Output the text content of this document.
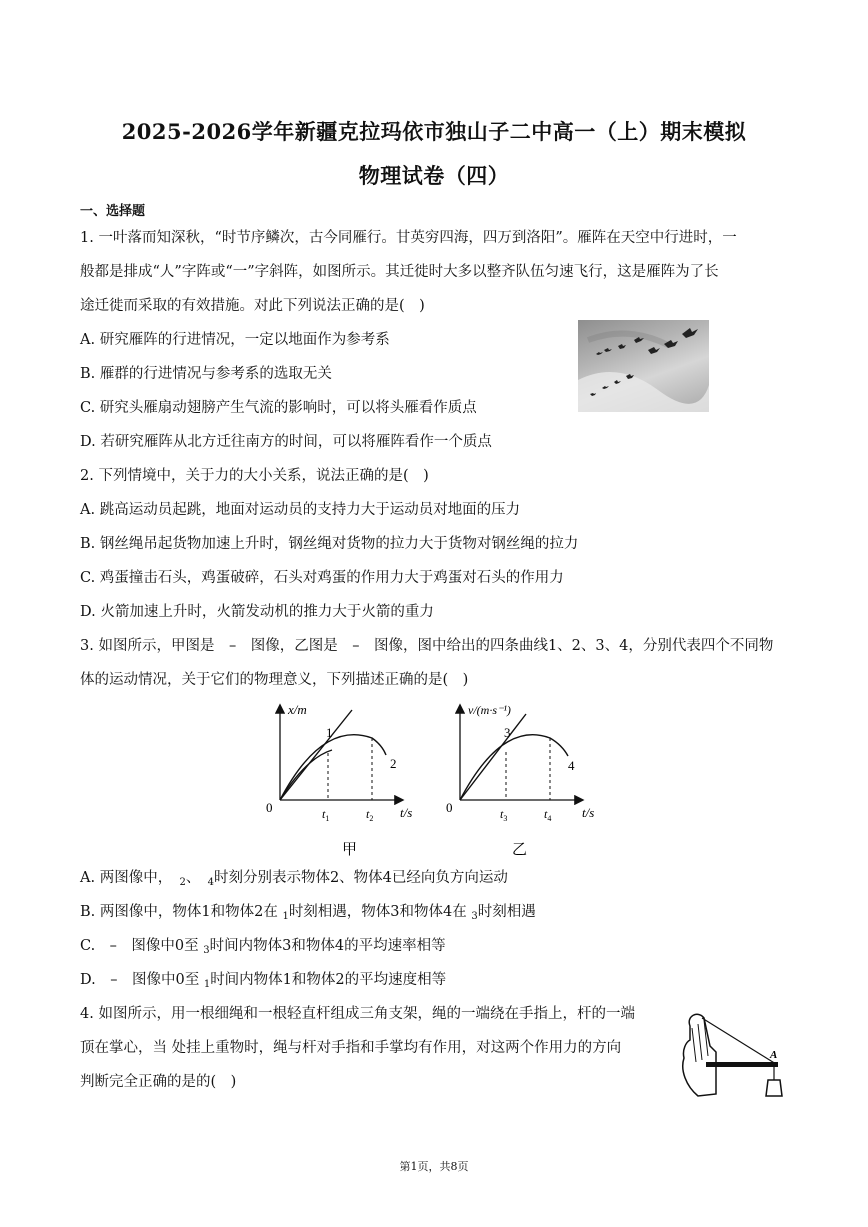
2025-2026学年新疆克拉玛依市独山子二中高一（上）期末模拟
物理试卷（四）
一、选择题
1. 一叶落而知深秋，“时节序鳞次，古今同雁行。甘英穷四海，四万到洛阳”。雁阵在天空中行进时，一
般都是排成“人”字阵或“一”字斜阵，如图所示。其迁徙时大多以整齐队伍匀速飞行，这是雁阵为了长
途迁徙而采取的有效措施。对此下列说法正确的是(　)
A. 研究雁阵的行进情况，一定以地面作为参考系
B. 雁群的行进情况与参考系的选取无关
C. 研究头雁扇动翅膀产生气流的影响时，可以将头雁看作质点
D. 若研究雁阵从北方迁往南方的时间，可以将雁阵看作一个质点
2. 下列情境中，关于力的大小关系，说法正确的是(　)
A. 跳高运动员起跳，地面对运动员的支持力大于运动员对地面的压力
B. 钢丝绳吊起货物加速上升时，钢丝绳对货物的拉力大于货物对钢丝绳的拉力
C. 鸡蛋撞击石头，鸡蛋破碎，石头对鸡蛋的作用力大于鸡蛋对石头的作用力
D. 火箭加速上升时，火箭发动机的推力大于火箭的重力
3. 如图所示，甲图是　–　图像，乙图是　–　图像，图中给出的四条曲线1、2、3、4，分别代表四个不同物
体的运动情况，关于它们的物理意义，下列描述正确的是(　)
x/m
t/s
0
1
2
$t_1$	$t_2$
甲
v/(m·s⁻¹)
t/s
0
3
4
$t_3$	$t_4$
乙
A. 两图像中，　$_2$、　$_4$时刻分别表示物体2、物体4已经向负方向运动
B. 两图像中，物体1和物体2在 $_1$时刻相遇，物体3和物体4在 $_3$时刻相遇
C.　–　图像中0至 $_3$时间内物体3和物体4的平均速率相等
D.　–　图像中0至 $_1$时间内物体1和物体2的平均速度相等
4. 如图所示，用一根细绳和一根轻直杆组成三角支架，绳的一端绕在手指上，杆的一端
顶在掌心，当 处挂上重物时，绳与杆对手指和手掌均有作用，对这两个作用力的方向
判断完全正确的是的(　)
A
第1页，共8页
